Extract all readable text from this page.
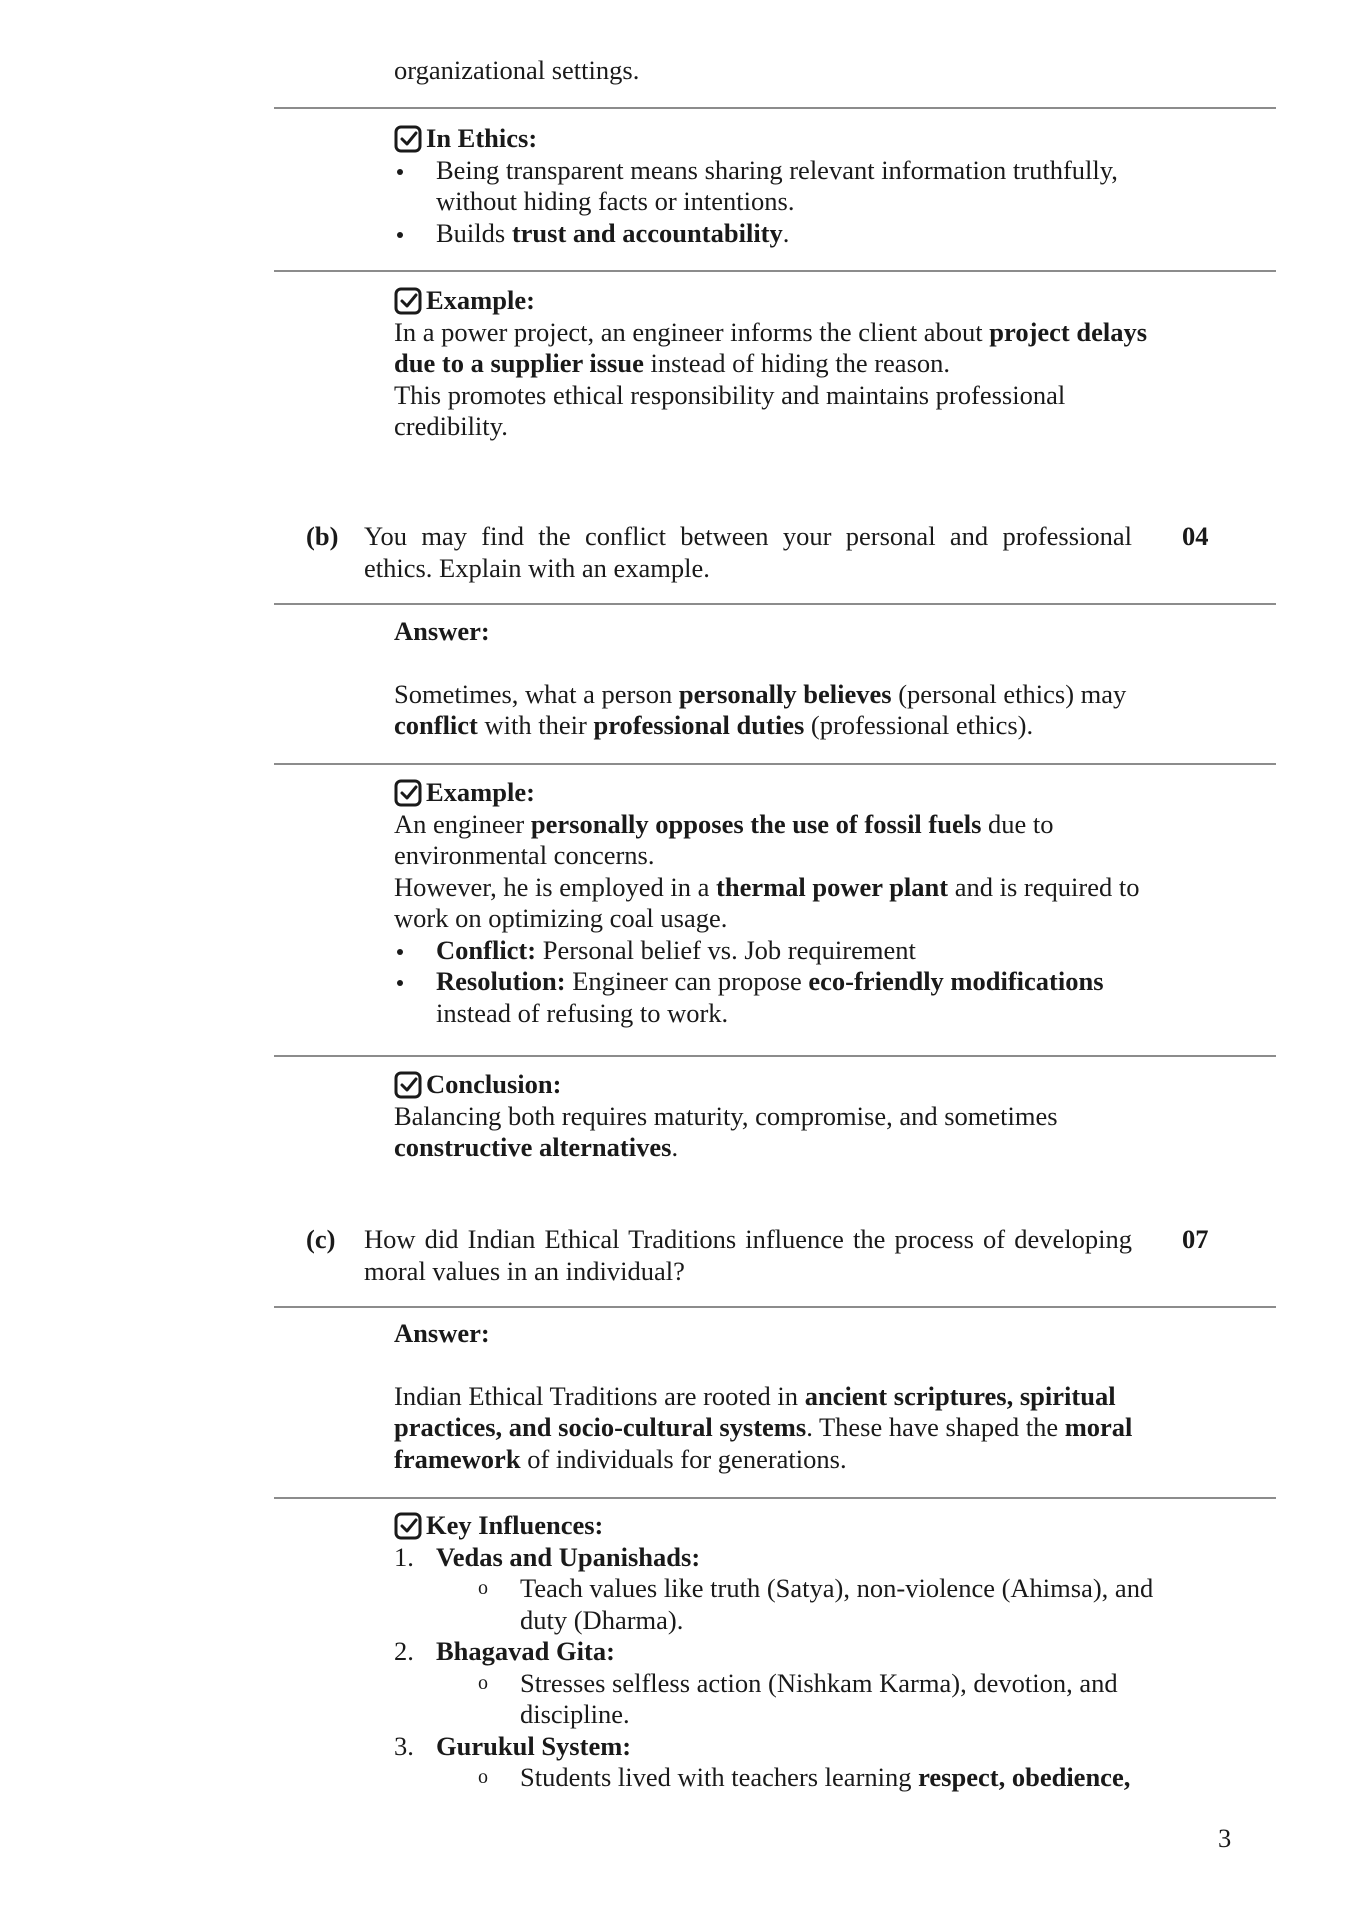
organizational settings.

In Ethics:
Being transparent means sharing relevant information truthfully, without hiding facts or intentions.
Builds trust and accountability.
Example:

In a power project, an engineer informs the client about project delays due to a supplier issue instead of hiding the reason.

This promotes ethical responsibility and maintains professional credibility.

(b) You may find the conflict between your personal and professional ethics. Explain with an example.
04

Answer:

Sometimes, what a person personally believes (personal ethics) may conflict with their professional duties (professional ethics).

Example:

An engineer personally opposes the use of fossil fuels due to environmental concerns.

However, he is employed in a thermal power plant and is required to work on optimizing coal usage.

Conflict: Personal belief vs. Job requirement
Resolution: Engineer can propose eco-friendly modifications instead of refusing to work.
Conclusion:

Balancing both requires maturity, compromise, and sometimes constructive alternatives.

(c)	How did Indian Ethical Traditions influence the process of developing moral values in an individual?
07

Answer:

Indian Ethical Traditions are rooted in ancient scriptures, spiritual practices, and socio-cultural systems. These have shaped the moral framework of individuals for generations.

Key Influences:
1. Vedas and Upanishads:
o	Teach values like truth (Satya), non-violence (Ahimsa), and duty (Dharma).
2. Bhagavad Gita:
o	Stresses selfless action (Nishkam Karma), devotion, and discipline.
3. Gurukul System:
o	Students lived with teachers learning respect, obedience,
3
